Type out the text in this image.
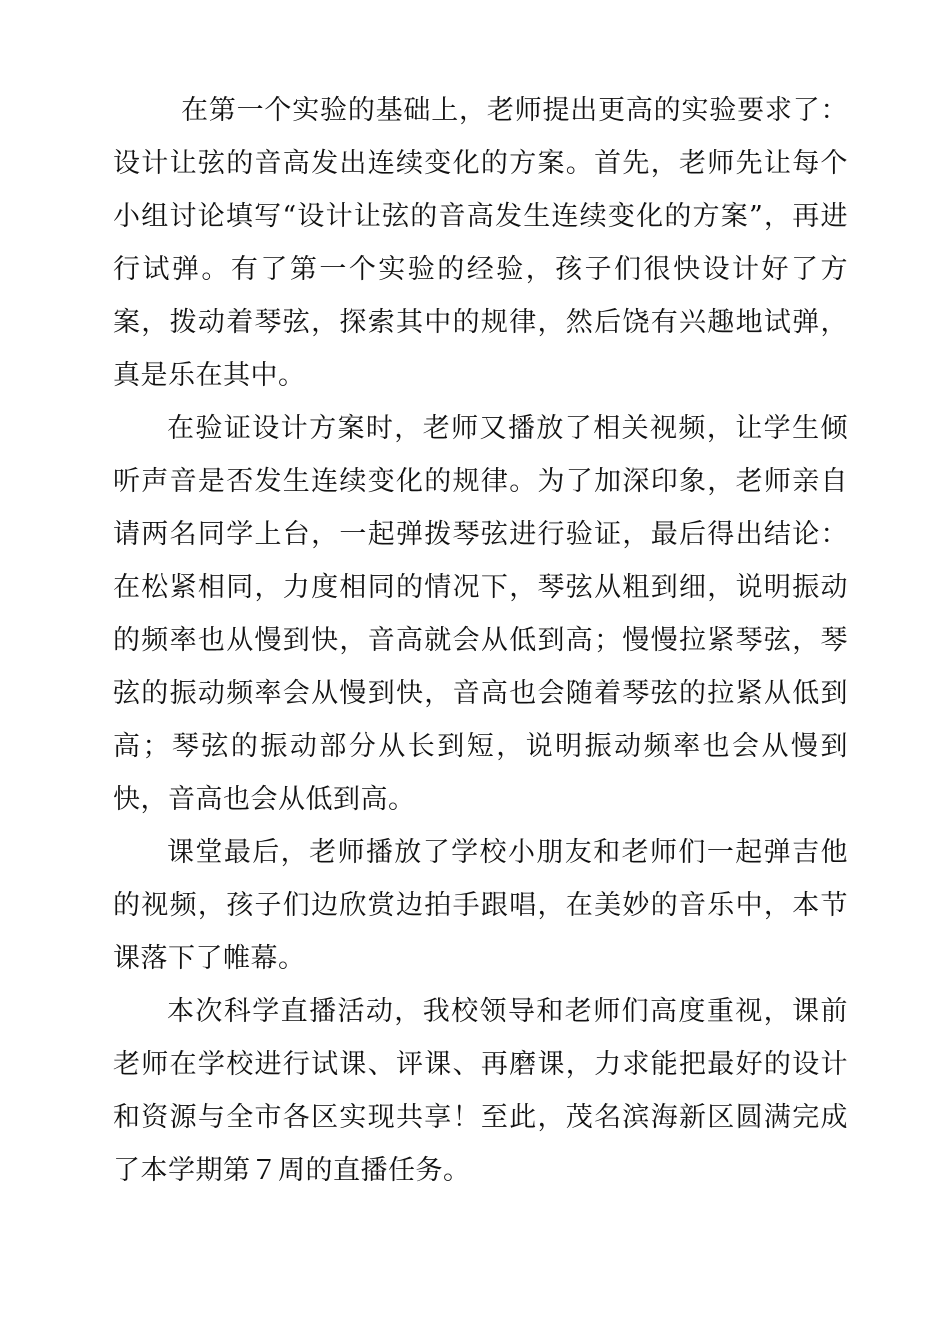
在第一个实验的基础上，老师提出更高的实验要求了：设计让弦的音高发出连续变化的方案。首先，老师先让每个小组讨论填写“设计让弦的音高发生连续变化的方案”，再进行试弹。有了第一个实验的经验，孩子们很快设计好了方案，拨动着琴弦，探索其中的规律，然后饶有兴趣地试弹，真是乐在其中。

在验证设计方案时，老师又播放了相关视频，让学生倾听声音是否发生连续变化的规律。为了加深印象，老师亲自请两名同学上台，一起弹拨琴弦进行验证，最后得出结论：在松紧相同，力度相同的情况下，琴弦从粗到细，说明振动的频率也从慢到快，音高就会从低到高；慢慢拉紧琴弦，琴弦的振动频率会从慢到快，音高也会随着琴弦的拉紧从低到高；琴弦的振动部分从长到短，说明振动频率也会从慢到快，音高也会从低到高。

课堂最后，老师播放了学校小朋友和老师们一起弹吉他的视频，孩子们边欣赏边拍手跟唱，在美妙的音乐中，本节课落下了帷幕。

本次科学直播活动，我校领导和老师们高度重视，课前老师在学校进行试课、评课、再磨课，力求能把最好的设计和资源与全市各区实现共享！至此，茂名滨海新区圆满完成了本学期第７周的直播任务。
